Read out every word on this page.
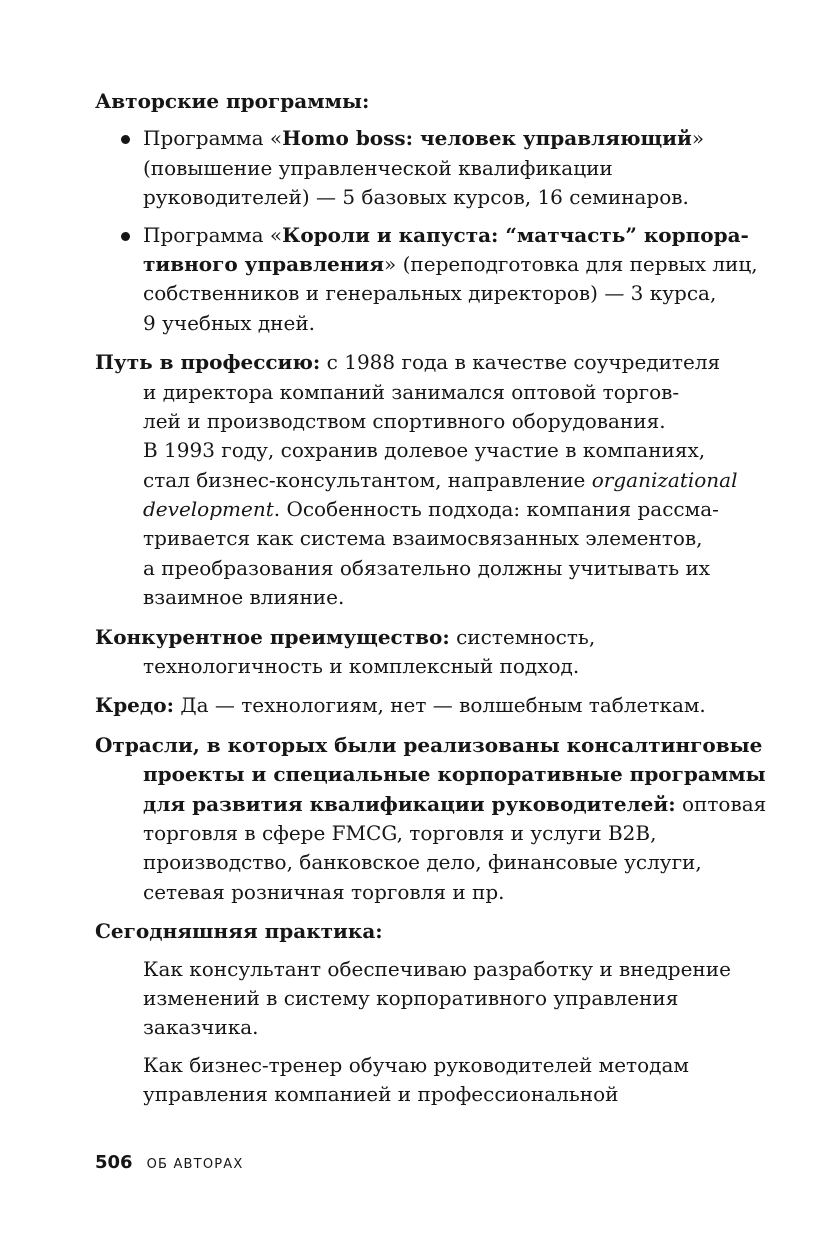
Авторские программы:
Программа «Homo boss: человек управляющий»
(повышение управленческой квалификации
руководителей) — 5 базовых курсов, 16 семинаров.
Программа «Короли и капуста: “матчасть” корпора-
тивного управления» (переподготовка для первых лиц,
собственников и генеральных директоров) — 3 курса,
9 учебных дней.
Путь в профессию: с 1988 года в качестве соучредителя
и директора компаний занимался оптовой торгов-
лей и производством спортивного оборудования.
В 1993 году, сохранив долевое участие в компаниях,
стал бизнес-консультантом, направление organizational
development. Особенность подхода: компания рассма-
тривается как система взаимосвязанных элементов,
а преобразования обязательно должны учитывать их
взаимное влияние.
Конкурентное преимущество: системность,
технологичность и комплексный подход.
Кредо: Да — технологиям, нет — волшебным таблеткам.
Отрасли, в которых были реализованы консалтинговые
проекты и специальные корпоративные программы
для развития квалификации руководителей: оптовая
торговля в сфере FMCG, торговля и услуги B2B,
производство, банковское дело, финансовые услуги,
сетевая розничная торговля и пр.
Сегодняшняя практика:
Как консультант обеспечиваю разработку и внедрение
изменений в систему корпоративного управления
заказчика.
Как бизнес-тренер обучаю руководителей методам
управления компанией и профессиональной
506 ОБ АВТОРАХ
